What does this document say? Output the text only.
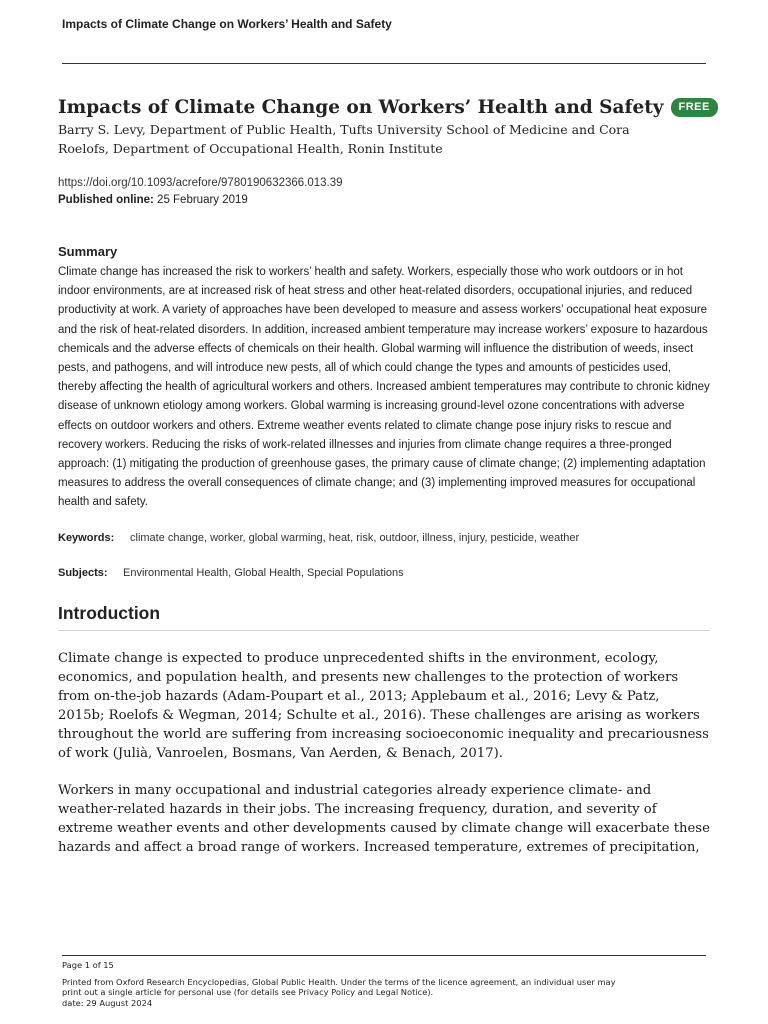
Impacts of Climate Change on Workers’ Health and Safety
Impacts of Climate Change on Workers’ Health and Safety	FREE
Barry S. Levy, Department of Public Health, Tufts University School of Medicine and Cora
Roelofs, Department of Occupational Health, Ronin Institute
https://doi.org/10.1093/acrefore/9780190632366.013.39
Published online: 25 February 2019
Summary
Climate change has increased the risk to workers’ health and safety. Workers, especially those who work outdoors or in hot indoor environments, are at increased risk of heat stress and other heat-related disorders, occupational injuries, and reduced productivity at work. A variety of approaches have been developed to measure and assess workers’ occupational heat exposure and the risk of heat-related disorders. In addition, increased ambient temperature may increase workers’ exposure to hazardous chemicals and the adverse effects of chemicals on their health. Global warming will influence the distribution of weeds, insect pests, and pathogens, and will introduce new pests, all of which could change the types and amounts of pesticides used, thereby affecting the health of agricultural workers and others. Increased ambient temperatures may contribute to chronic kidney disease of unknown etiology among workers. Global warming is increasing ground-level ozone concentrations with adverse effects on outdoor workers and others. Extreme weather events related to climate change pose injury risks to rescue and recovery workers. Reducing the risks of work-related illnesses and injuries from climate change requires a three-pronged approach: (1) mitigating the production of greenhouse gases, the primary cause of climate change; (2) implementing adaptation measures to address the overall consequences of climate change; and (3) implementing improved measures for occupational health and safety.
Keywords:	climate change, worker, global warming, heat, risk, outdoor, illness, injury, pesticide, weather
Subjects:	Environmental Health, Global Health, Special Populations
Introduction

Climate change is expected to produce unprecedented shifts in the environment, ecology, economics, and population health, and presents new challenges to the protection of workers from on-the-job hazards (Adam-Poupart et al., 2013; Applebaum et al., 2016; Levy & Patz, 2015b; Roelofs & Wegman, 2014; Schulte et al., 2016). These challenges are arising as workers throughout the world are suffering from increasing socioeconomic inequality and precariousness of work (Julià, Vanroelen, Bosmans, Van Aerden, & Benach, 2017).

Workers in many occupational and industrial categories already experience climate- and weather-related hazards in their jobs. The increasing frequency, duration, and severity of extreme weather events and other developments caused by climate change will exacerbate these hazards and affect a broad range of workers. Increased temperature, extremes of precipitation,

Page 1 of 15
Printed from Oxford Research Encyclopedias, Global Public Health. Under the terms of the licence agreement, an individual user may
print out a single article for personal use (for details see Privacy Policy and Legal Notice).
date: 29 August 2024
